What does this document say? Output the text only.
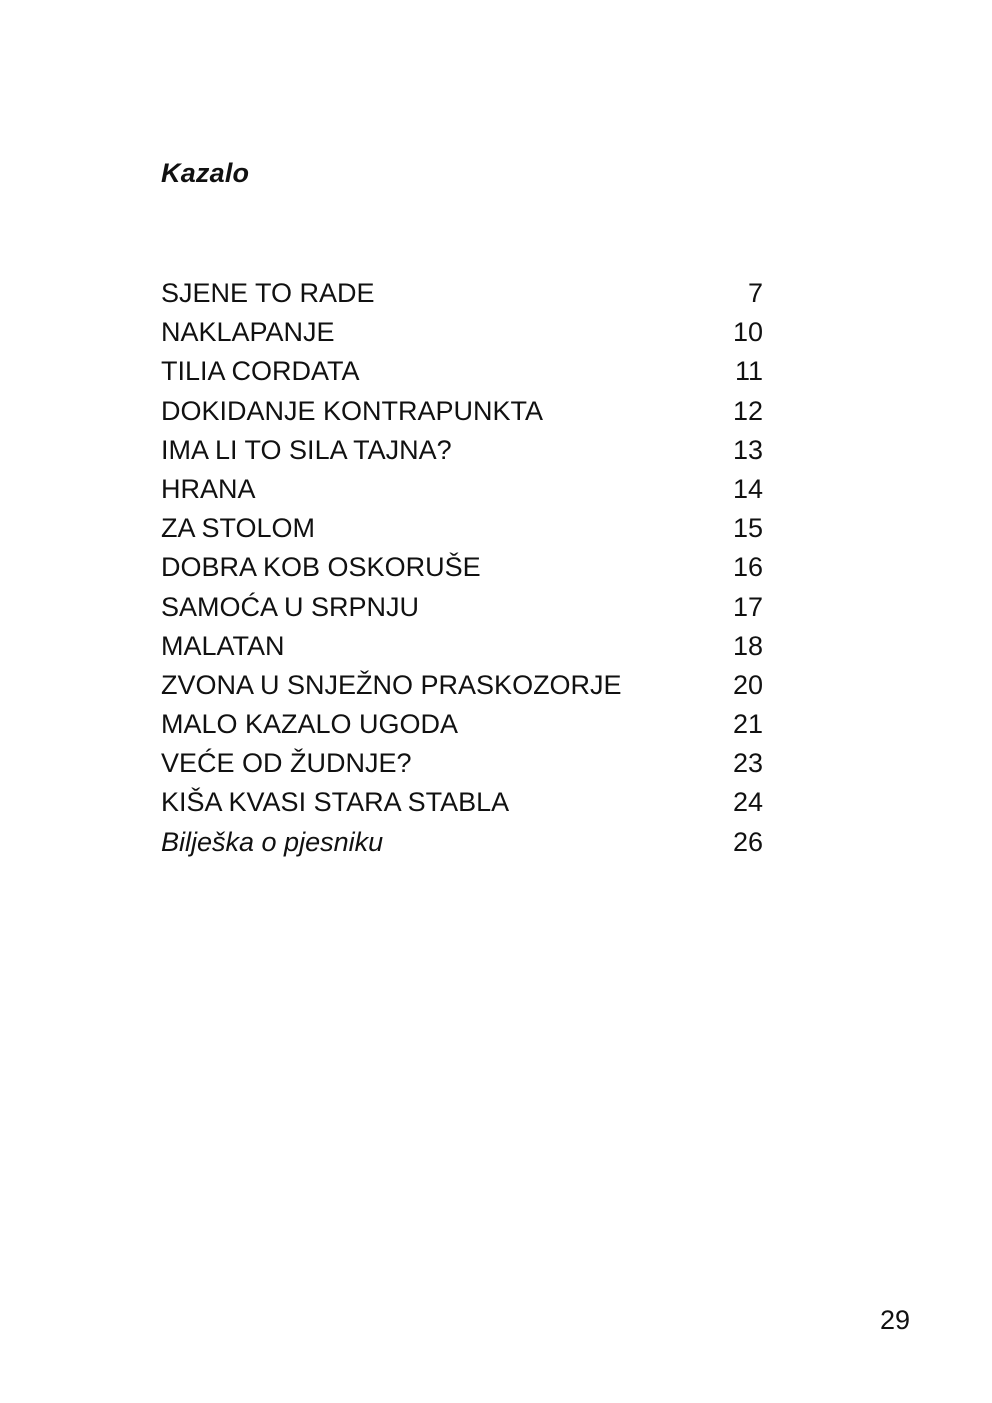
Kazalo
SJENE TO RADE	7
NAKLAPANJE	10
TILIA CORDATA	11
DOKIDANJE KONTRAPUNKTA	12
IMA LI TO SILA TAJNA?	13
HRANA	14
ZA STOLOM	15
DOBRA KOB OSKORUŠE	16
SAMOĆA U SRPNJU	17
MALATAN	18
ZVONA U SNJEŽNO PRASKOZORJE	20
MALO KAZALO UGODA	21
VEĆE OD ŽUDNJE?	23
KIŠA KVASI STARA STABLA	24
Bilješka o pjesniku	26
29
